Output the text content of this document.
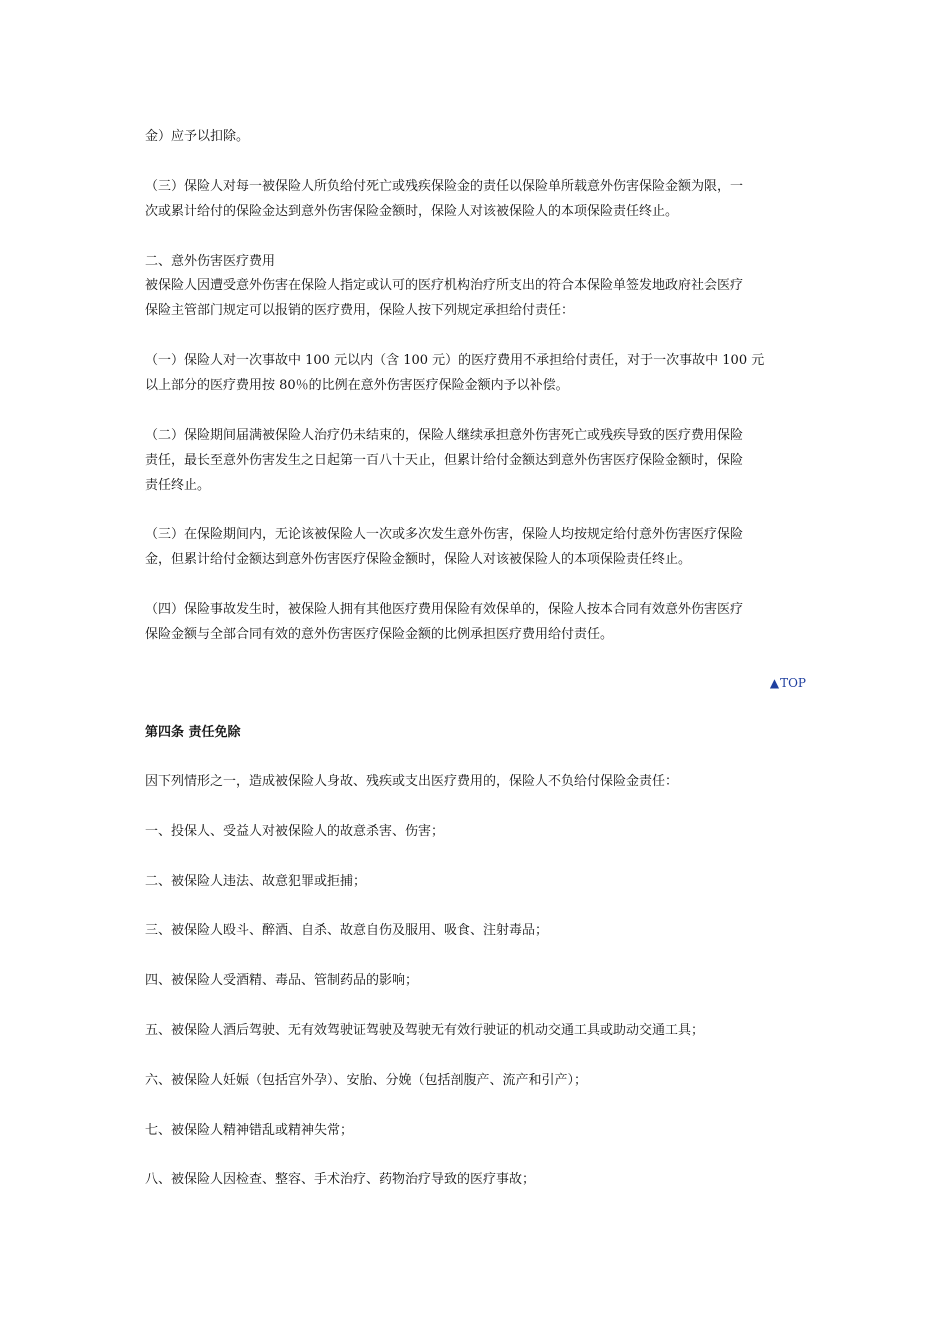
金）应予以扣除。
（三）保险人对每一被保险人所负给付死亡或残疾保险金的责任以保险单所载意外伤害保险金额为限，一
次或累计给付的保险金达到意外伤害保险金额时，保险人对该被保险人的本项保险责任终止。
二、意外伤害医疗费用
被保险人因遭受意外伤害在保险人指定或认可的医疗机构治疗所支出的符合本保险单签发地政府社会医疗
保险主管部门规定可以报销的医疗费用，保险人按下列规定承担给付责任：
（一）保险人对一次事故中 100 元以内（含 100 元）的医疗费用不承担给付责任，对于一次事故中 100 元
以上部分的医疗费用按 80％的比例在意外伤害医疗保险金额内予以补偿。
（二）保险期间届满被保险人治疗仍未结束的，保险人继续承担意外伤害死亡或残疾导致的医疗费用保险
责任，最长至意外伤害发生之日起第一百八十天止，但累计给付金额达到意外伤害医疗保险金额时，保险
责任终止。
（三）在保险期间内，无论该被保险人一次或多次发生意外伤害，保险人均按规定给付意外伤害医疗保险
金，但累计给付金额达到意外伤害医疗保险金额时，保险人对该被保险人的本项保险责任终止。
（四）保险事故发生时，被保险人拥有其他医疗费用保险有效保单的，保险人按本合同有效意外伤害医疗
保险金额与全部合同有效的意外伤害医疗保险金额的比例承担医疗费用给付责任。
▲TOP
第四条 责任免除
因下列情形之一，造成被保险人身故、残疾或支出医疗费用的，保险人不负给付保险金责任：
一、投保人、受益人对被保险人的故意杀害、伤害；
二、被保险人违法、故意犯罪或拒捕；
三、被保险人殴斗、醉酒、自杀、故意自伤及服用、吸食、注射毒品；
四、被保险人受酒精、毒品、管制药品的影响；
五、被保险人酒后驾驶、无有效驾驶证驾驶及驾驶无有效行驶证的机动交通工具或助动交通工具；
六、被保险人妊娠（包括宫外孕）、安胎、分娩（包括剖腹产、流产和引产）；
七、被保险人精神错乱或精神失常；
八、被保险人因检查、整容、手术治疗、药物治疗导致的医疗事故；
